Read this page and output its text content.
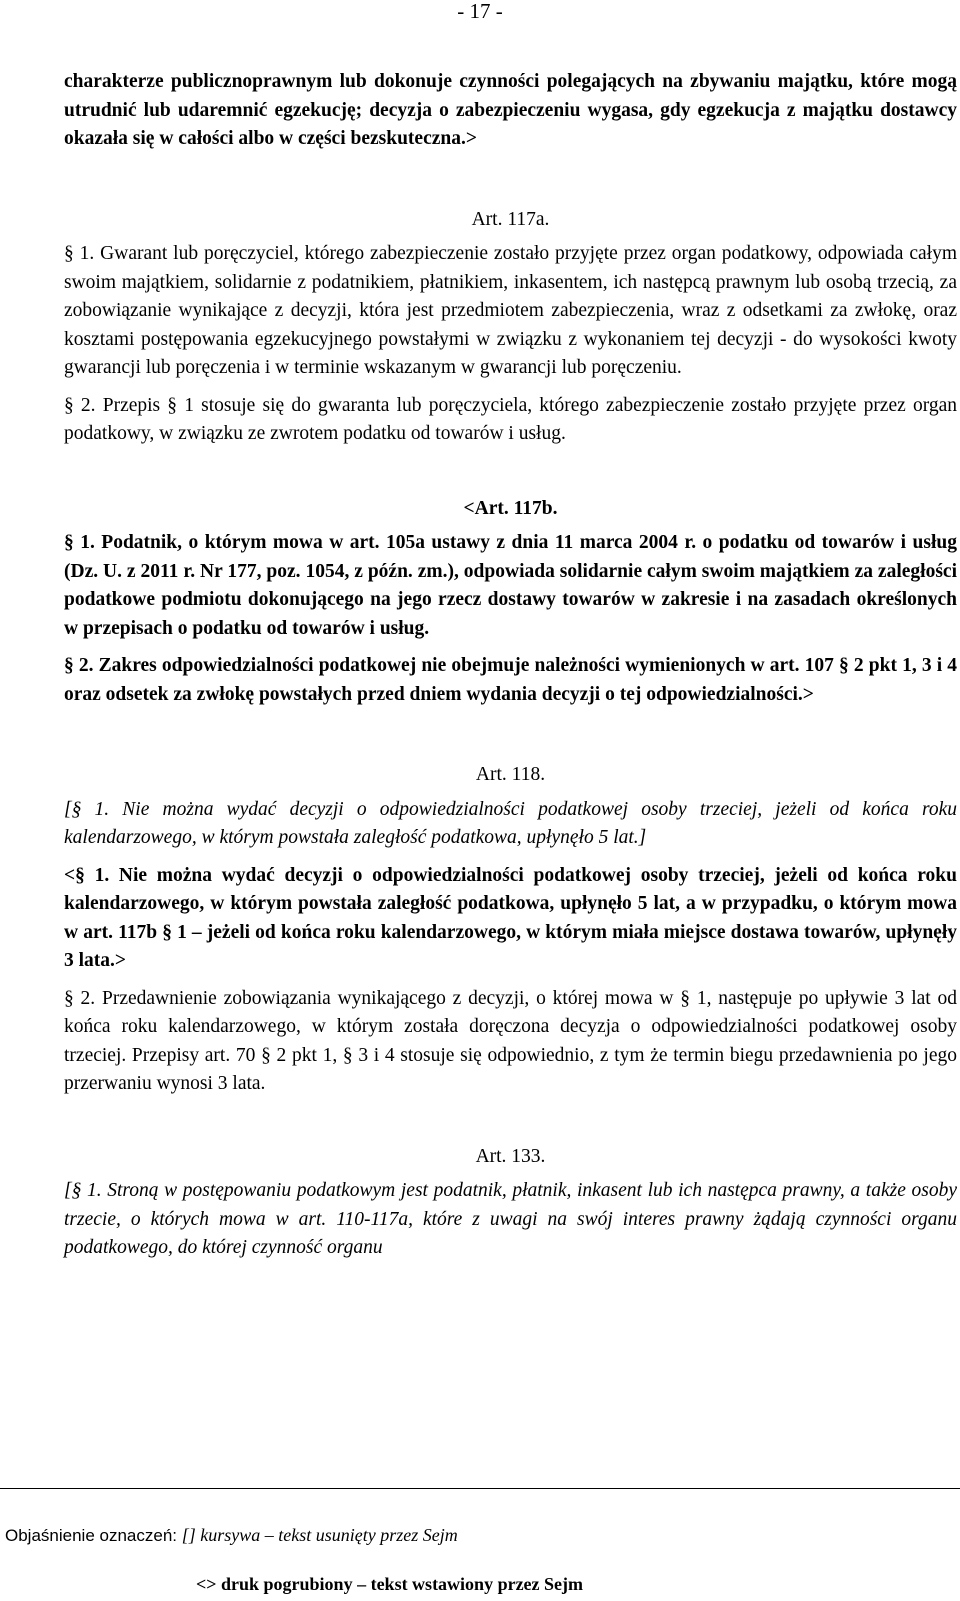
- 17 -

charakterze publicznoprawnym lub dokonuje czynności polegających na zbywaniu majątku, które mogą utrudnić lub udaremnić egzekucję; decyzja o zabezpieczeniu wygasa, gdy egzekucja z majątku dostawcy okazała się w całości albo w części bezskuteczna.>

Art. 117a.

§ 1. Gwarant lub poręczyciel, którego zabezpieczenie zostało przyjęte przez organ podatkowy, odpowiada całym swoim majątkiem, solidarnie z podatnikiem, płatnikiem, inkasentem, ich następcą prawnym lub osobą trzecią, za zobowiązanie wynikające z decyzji, która jest przedmiotem zabezpieczenia, wraz z odsetkami za zwłokę, oraz kosztami postępowania egzekucyjnego powstałymi w związku z wykonaniem tej decyzji - do wysokości kwoty gwarancji lub poręczenia i w terminie wskazanym w gwarancji lub poręczeniu.

§ 2. Przepis § 1 stosuje się do gwaranta lub poręczyciela, którego zabezpieczenie zostało przyjęte przez organ podatkowy, w związku ze zwrotem podatku od towarów i usług.

<Art. 117b.

§ 1. Podatnik, o którym mowa w art. 105a ustawy z dnia 11 marca 2004 r. o podatku od towarów i usług (Dz. U. z 2011 r. Nr 177, poz. 1054, z późn. zm.), odpowiada solidarnie całym swoim majątkiem za zaległości podatkowe podmiotu dokonującego na jego rzecz dostawy towarów w zakresie i na zasadach określonych w przepisach o podatku od towarów i usług.

§ 2. Zakres odpowiedzialności podatkowej nie obejmuje należności wymienionych w art. 107 § 2 pkt 1, 3 i 4 oraz odsetek za zwłokę powstałych przed dniem wydania decyzji o tej odpowiedzialności.>

Art. 118.

[§ 1. Nie można wydać decyzji o odpowiedzialności podatkowej osoby trzeciej, jeżeli od końca roku kalendarzowego, w którym powstała zaległość podatkowa, upłynęło 5 lat.]

<§ 1. Nie można wydać decyzji o odpowiedzialności podatkowej osoby trzeciej, jeżeli od końca roku kalendarzowego, w którym powstała zaległość podatkowa, upłynęło 5 lat, a w przypadku, o którym mowa w art. 117b § 1 – jeżeli od końca roku kalendarzowego, w którym miała miejsce dostawa towarów, upłynęły 3 lata.>

§ 2. Przedawnienie zobowiązania wynikającego z decyzji, o której mowa w § 1, następuje po upływie 3 lat od końca roku kalendarzowego, w którym została doręczona decyzja o odpowiedzialności podatkowej osoby trzeciej. Przepisy art. 70 § 2 pkt 1, § 3 i 4 stosuje się odpowiednio, z tym że termin biegu przedawnienia po jego przerwaniu wynosi 3 lata.

Art. 133.

[§ 1. Stroną w postępowaniu podatkowym jest podatnik, płatnik, inkasent lub ich następca prawny, a także osoby trzecie, o których mowa w art. 110-117a, które z uwagi na swój interes prawny żądają czynności organu podatkowego, do której czynność organu

Objaśnienie oznaczeń: [] kursywa – tekst usunięty przez Sejm
<> druk pogrubiony – tekst wstawiony przez Sejm
